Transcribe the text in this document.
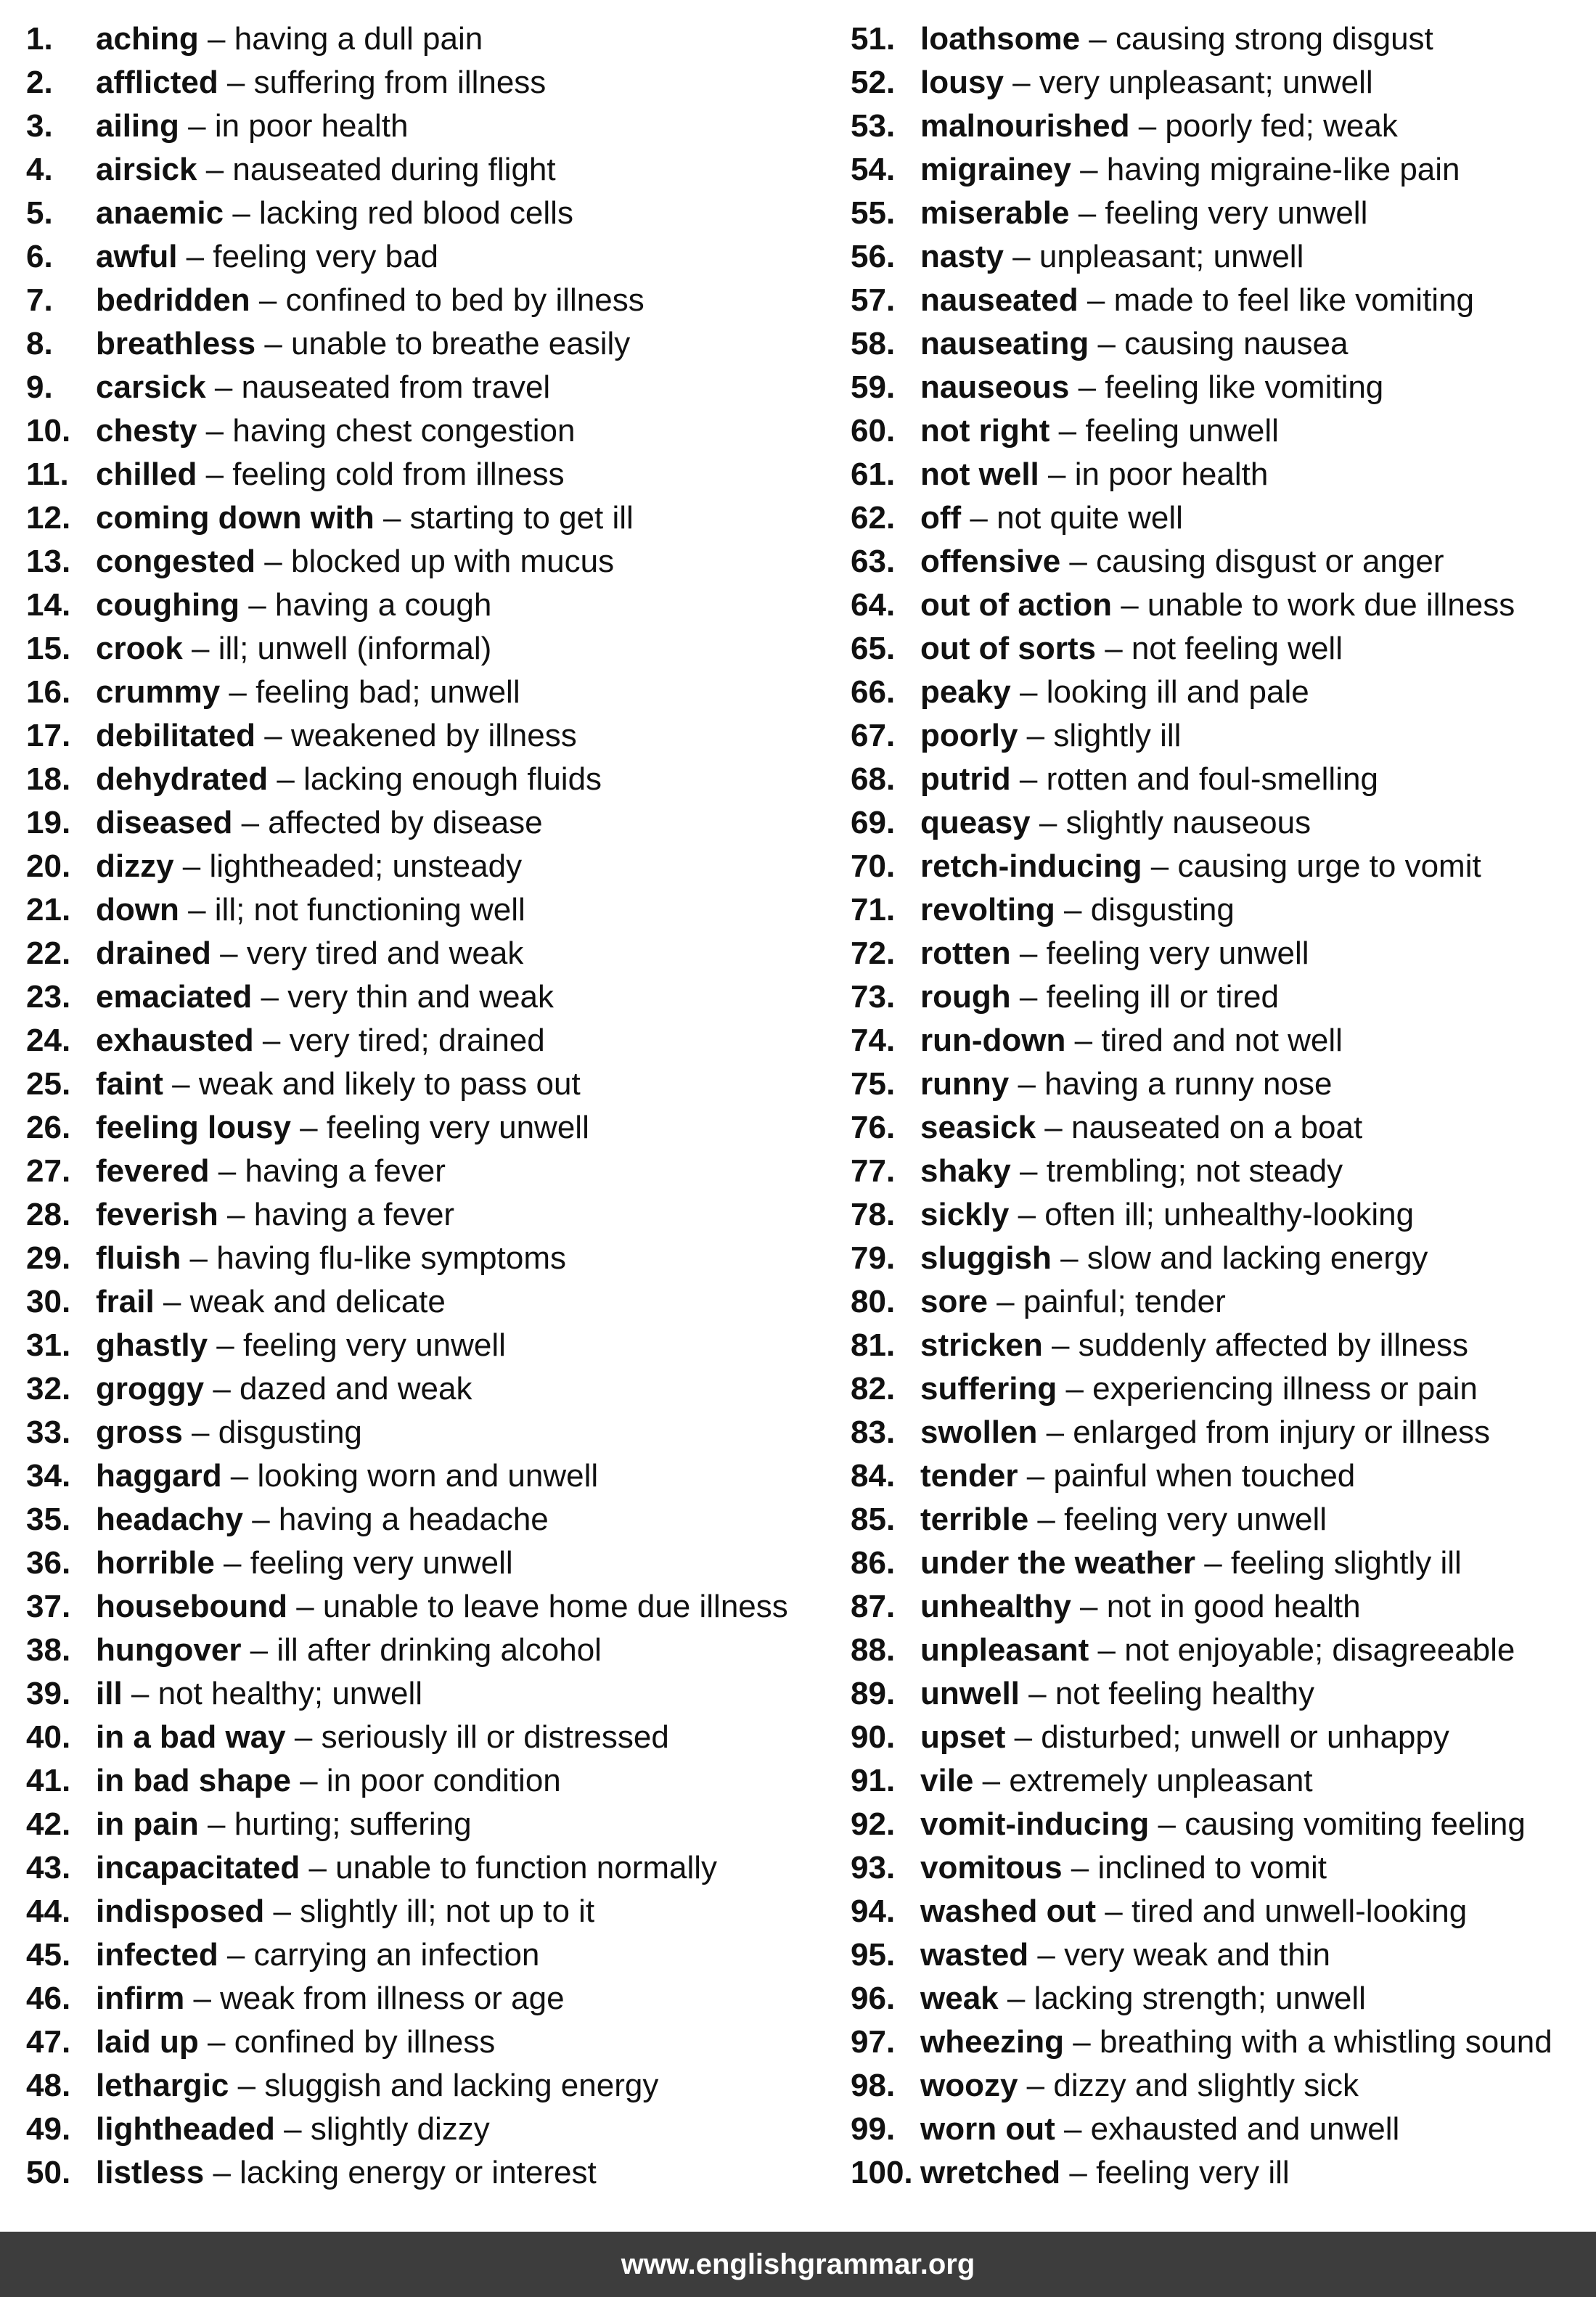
1.	aching – having a dull pain
2.	afflicted – suffering from illness
3.	ailing – in poor health
4.	airsick – nauseated during flight
5.	anaemic – lacking red blood cells
6.	awful – feeling very bad
7.	bedridden – confined to bed by illness
8.	breathless – unable to breathe easily
9.	carsick – nauseated from travel
10. chesty – having chest congestion
11. chilled – feeling cold from illness
12. coming down with – starting to get ill
13. congested – blocked up with mucus
14. coughing – having a cough
15. crook – ill; unwell (informal)
16. crummy – feeling bad; unwell
17. debilitated – weakened by illness
18. dehydrated – lacking enough fluids
19. diseased – affected by disease
20. dizzy – lightheaded; unsteady
21. down – ill; not functioning well
22. drained – very tired and weak
23. emaciated – very thin and weak
24. exhausted – very tired; drained
25. faint – weak and likely to pass out
26. feeling lousy – feeling very unwell
27. fevered – having a fever
28. feverish – having a fever
29. fluish – having flu-like symptoms
30. frail – weak and delicate
31. ghastly – feeling very unwell
32. groggy – dazed and weak
33. gross – disgusting
34. haggard – looking worn and unwell
35. headachy – having a headache
36. horrible – feeling very unwell
37. housebound – unable to leave home due illness
38. hungover – ill after drinking alcohol
39. ill – not healthy; unwell
40. in a bad way – seriously ill or distressed
41. in bad shape – in poor condition
42. in pain – hurting; suffering
43. incapacitated – unable to function normally
44. indisposed – slightly ill; not up to it
45. infected – carrying an infection
46. infirm – weak from illness or age
47. laid up – confined by illness
48. lethargic – sluggish and lacking energy
49. lightheaded – slightly dizzy
50. listless – lacking energy or interest
51. loathsome – causing strong disgust
52. lousy – very unpleasant; unwell
53. malnourished – poorly fed; weak
54. migrainey – having migraine-like pain
55. miserable – feeling very unwell
56. nasty – unpleasant; unwell
57. nauseated – made to feel like vomiting
58. nauseating – causing nausea
59. nauseous – feeling like vomiting
60. not right – feeling unwell
61. not well – in poor health
62. off – not quite well
63. offensive – causing disgust or anger
64. out of action – unable to work due illness
65. out of sorts – not feeling well
66. peaky – looking ill and pale
67. poorly – slightly ill
68. putrid – rotten and foul-smelling
69. queasy – slightly nauseous
70. retch-inducing – causing urge to vomit
71. revolting – disgusting
72. rotten – feeling very unwell
73. rough – feeling ill or tired
74. run-down – tired and not well
75. runny – having a runny nose
76. seasick – nauseated on a boat
77. shaky – trembling; not steady
78. sickly – often ill; unhealthy-looking
79. sluggish – slow and lacking energy
80. sore – painful; tender
81. stricken – suddenly affected by illness
82. suffering – experiencing illness or pain
83. swollen – enlarged from injury or illness
84. tender – painful when touched
85. terrible – feeling very unwell
86. under the weather – feeling slightly ill
87. unhealthy – not in good health
88. unpleasant – not enjoyable; disagreeable
89. unwell – not feeling healthy
90. upset – disturbed; unwell or unhappy
91. vile – extremely unpleasant
92. vomit-inducing – causing vomiting feeling
93. vomitous – inclined to vomit
94. washed out – tired and unwell-looking
95. wasted – very weak and thin
96. weak – lacking strength; unwell
97. wheezing – breathing with a whistling sound
98. woozy – dizzy and slightly sick
99. worn out – exhausted and unwell
100. wretched – feeling very ill
www.englishgrammar.org
